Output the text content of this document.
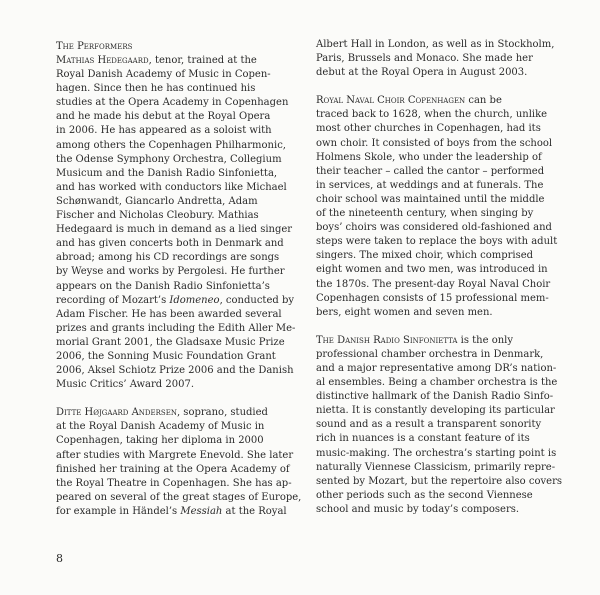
The Performers

Mathias Hedegaard, tenor, trained at the
Royal Danish Academy of Music in Copen-
hagen. Since then he has continued his
studies at the Opera Academy in Copenhagen
and he made his debut at the Royal Opera
in 2006. He has appeared as a soloist with
among others the Copenhagen Philharmonic,
the Odense Symphony Orchestra, Collegium
Musicum and the Danish Radio Sinfonietta,
and has worked with conductors like Michael
Schønwandt, Giancarlo Andretta, Adam
Fischer and Nicholas Cleobury. Mathias
Hedegaard is much in demand as a lied singer
and has given concerts both in Denmark and
abroad; among his CD recordings are songs
by Weyse and works by Pergolesi. He further
appears on the Danish Radio Sinfonietta’s
recording of Mozart’s Idomeneo, conducted by
Adam Fischer. He has been awarded several
prizes and grants including the Edith Aller Me-
morial Grant 2001, the Gladsaxe Music Prize
2006, the Sonning Music Foundation Grant
2006, Aksel Schiotz Prize 2006 and the Danish
Music Critics’ Award 2007.
Ditte Højgaard Andersen, soprano, studied
at the Royal Danish Academy of Music in
Copenhagen, taking her diploma in 2000
after studies with Margrete Enevold. She later
finished her training at the Opera Academy of
the Royal Theatre in Copenhagen. She has ap-
peared on several of the great stages of Europe,
for example in Händel’s Messiah at the Royal
Albert Hall in London, as well as in Stockholm,
Paris, Brussels and Monaco. She made her
debut at the Royal Opera in August 2003.
Royal Naval Choir Copenhagen can be
traced back to 1628, when the church, unlike
most other churches in Copenhagen, had its
own choir. It consisted of boys from the school
Holmens Skole, who under the leadership of
their teacher – called the cantor – performed
in services, at weddings and at funerals. The
choir school was maintained until the middle
of the nineteenth century, when singing by
boys’ choirs was considered old-fashioned and
steps were taken to replace the boys with adult
singers. The mixed choir, which comprised
eight women and two men, was introduced in
the 1870s. The present-day Royal Naval Choir
Copenhagen consists of 15 professional mem-
bers, eight women and seven men.
The Danish Radio Sinfonietta is the only
professional chamber orchestra in Denmark,
and a major representative among DR’s nation-
al ensembles. Being a chamber orchestra is the
distinctive hallmark of the Danish Radio Sinfo-
nietta. It is constantly developing its particular
sound and as a result a transparent sonority
rich in nuances is a constant feature of its
music-making. The orchestra’s starting point is
naturally Viennese Classicism, primarily repre-
sented by Mozart, but the repertoire also covers
other periods such as the second Viennese
school and music by today’s composers.
8
